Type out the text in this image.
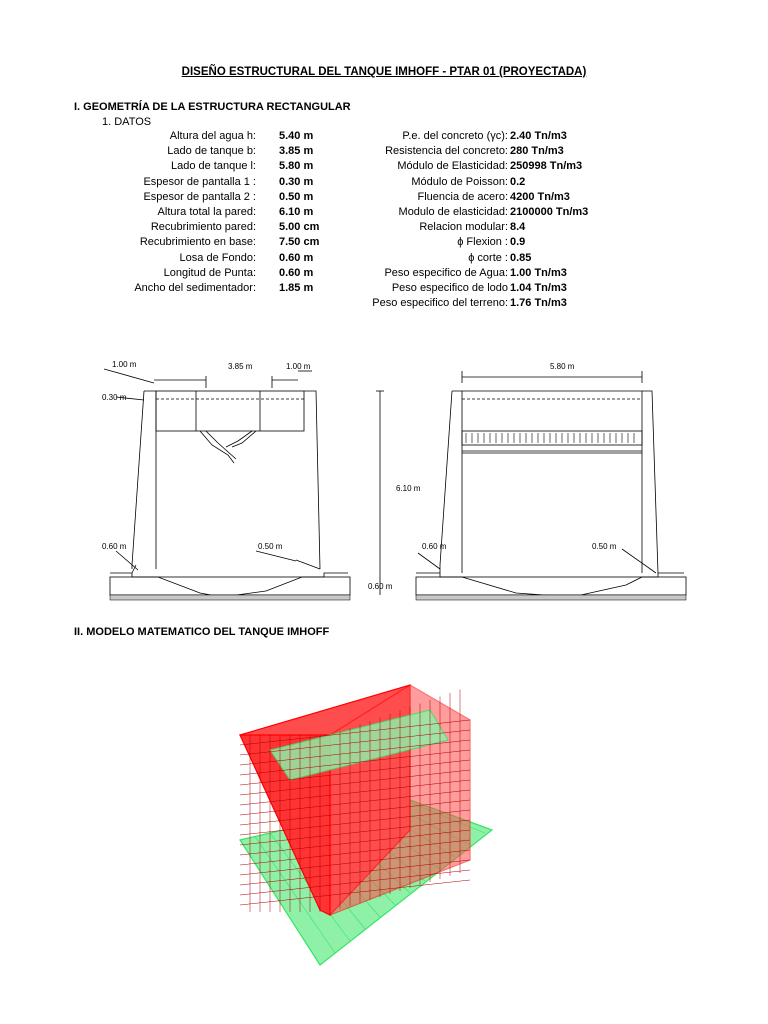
DISEÑO ESTRUCTURAL DEL TANQUE IMHOFF - PTAR 01 (PROYECTADA)
I. GEOMETRÍA DE LA ESTRUCTURA RECTANGULAR
1. DATOS
Altura del agua h: 5.40 m
Lado de tanque b: 3.85 m
Lado de tanque l: 5.80 m
Espesor de pantalla 1 : 0.30 m
Espesor de pantalla 2 : 0.50 m
Altura total la pared: 6.10 m
Recubrimiento pared: 5.00 cm
Recubrimiento en base: 7.50 cm
Losa de Fondo: 0.60 m
Longitud de Punta: 0.60 m
Ancho del sedimentador: 1.85 m
P.e. del concreto (γc): 2.40 Tn/m3
Resistencia del concreto: 280 Tn/m3
Módulo de Elasticidad: 250998 Tn/m3
Módulo de Poisson: 0.2
Fluencia de acero: 4200 Tn/m3
Modulo de elasticidad: 2100000 Tn/m3
Relacion modular: 8.4
ϕ Flexion : 0.9
ϕ corte : 0.85
Peso especifico de Agua: 1.00 Tn/m3
Peso especifico de lodo 1.04 Tn/m3
Peso especifico del terreno: 1.76 Tn/m3
1.00 m	3.85 m	1.00 m
0.30 m
0.60 m	0.50 m
5.80 m
6.10 m
0.60 m	0.50 m
0.60 m
II. MODELO MATEMATICO DEL TANQUE IMHOFF
